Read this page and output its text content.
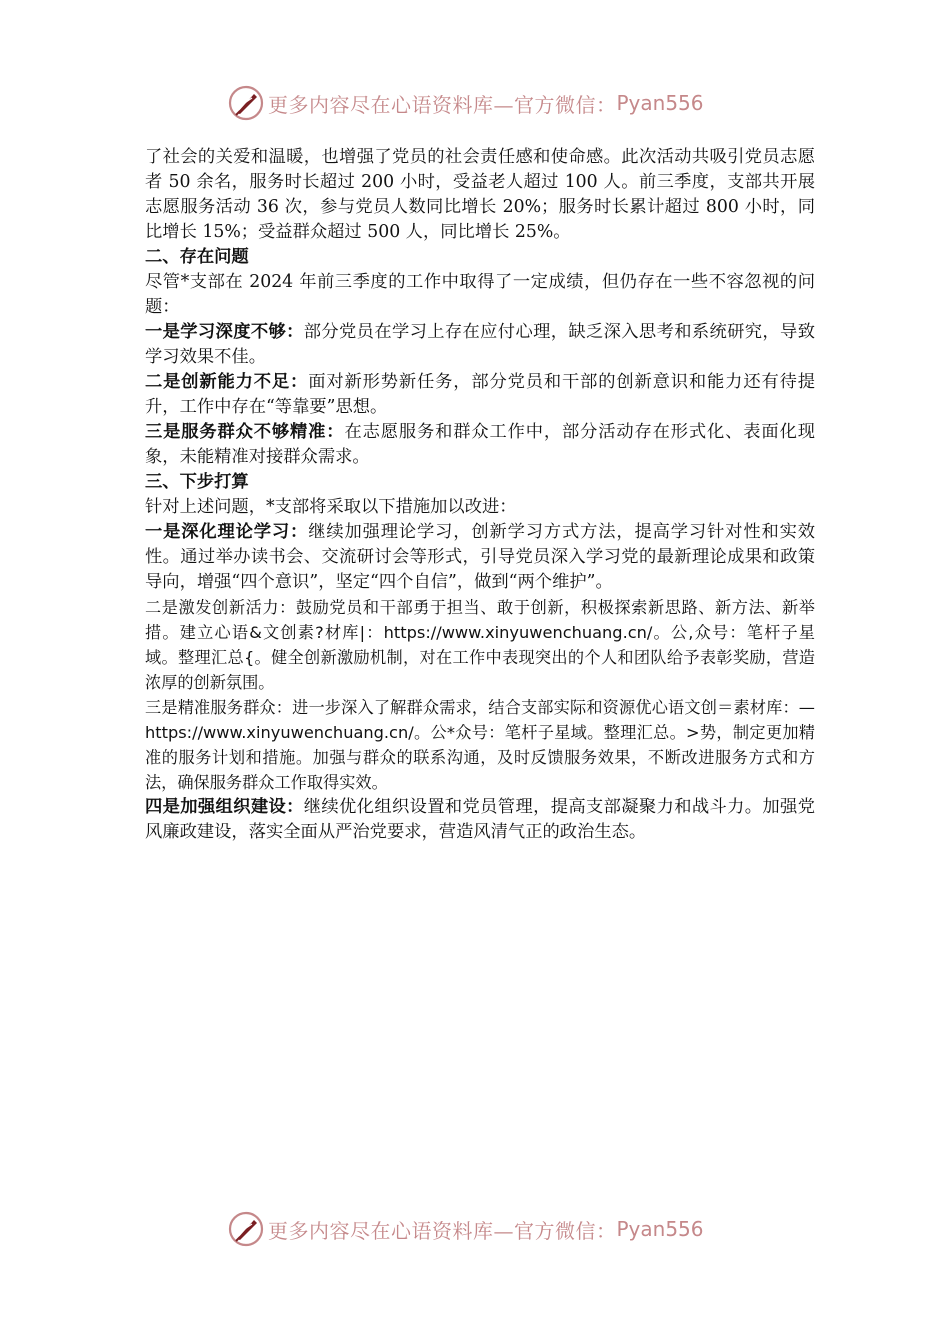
更多内容尽在心语资料库—官方微信： Pyan556

了社会的关爱和温暖，也增强了党员的社会责任感和使命感。此次活动共吸引党员志愿者 50 余名，服务时长超过 200 小时，受益老人超过 100 人。前三季度，支部共开展志愿服务活动 36 次，参与党员人数同比增长 20%；服务时长累计超过 800 小时，同比增长 15%；受益群众超过 500 人，同比增长 25%。

二、存在问题

尽管*支部在 2024 年前三季度的工作中取得了一定成绩，但仍存在一些不容忽视的问题：

一是学习深度不够：部分党员在学习上存在应付心理，缺乏深入思考和系统研究，导致学习效果不佳。

二是创新能力不足：面对新形势新任务，部分党员和干部的创新意识和能力还有待提升，工作中存在“等靠要”思想。

三是服务群众不够精准：在志愿服务和群众工作中，部分活动存在形式化、表面化现象，未能精准对接群众需求。

三、下步打算

针对上述问题，*支部将采取以下措施加以改进：

一是深化理论学习：继续加强理论学习，创新学习方式方法，提高学习针对性和实效性。通过举办读书会、交流研讨会等形式，引导党员深入学习党的最新理论成果和政策导向，增强“四个意识”，坚定“四个自信”，做到“两个维护”。

二是激发创新活力：鼓励党员和干部勇于担当、敢于创新，积极探索新思路、新方法、新举措。建立心语&文创素?材库|：https://www.xinyuwenchuang.cn/。公,众号：笔杆子星域。整理汇总{。健全创新激励机制，对在工作中表现突出的个人和团队给予表彰奖励，营造浓厚的创新氛围。

三是精准服务群众：进一步深入了解群众需求，结合支部实际和资源优心语文创＝素材库：—https://www.xinyuwenchuang.cn/。公*众号：笔杆子星域。整理汇总。>势，制定更加精准的服务计划和措施。加强与群众的联系沟通，及时反馈服务效果，不断改进服务方式和方法，确保服务群众工作取得实效。

四是加强组织建设：继续优化组织设置和党员管理，提高支部凝聚力和战斗力。加强党风廉政建设，落实全面从严治党要求，营造风清气正的政治生态。

更多内容尽在心语资料库—官方微信： Pyan556
